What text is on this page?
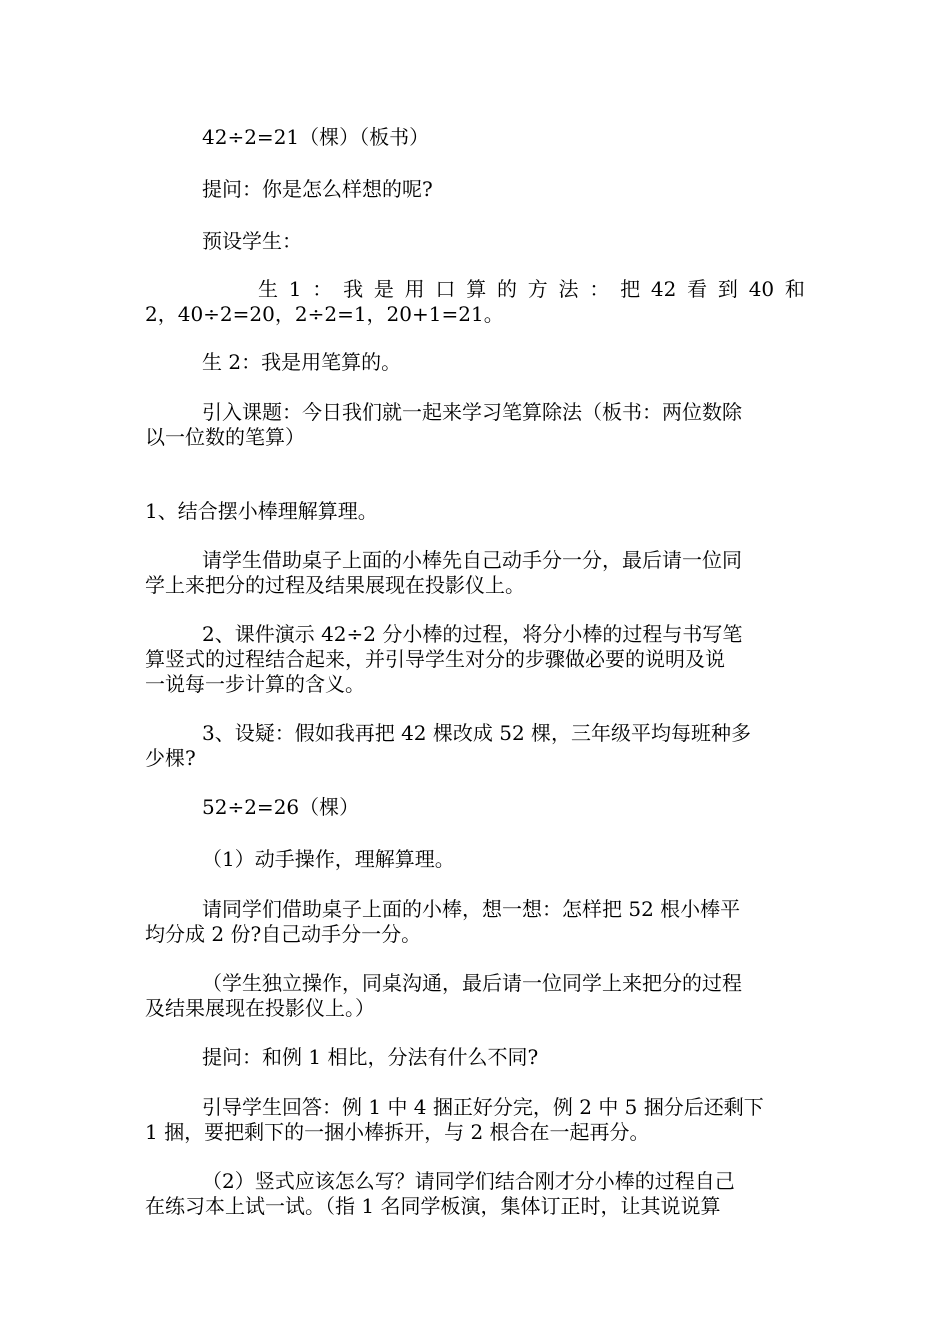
42÷2=21（棵）（板书）
提问：你是怎么样想的呢?
预设学生：
生 1 ： 我 是 用 口 算 的 方 法 ： 把 42 看 到 40 和
2，40÷2=20，2÷2=1，20+1=21。
生 2：我是用笔算的。
引入课题：今日我们就一起来学习笔算除法（板书：两位数除
以一位数的笔算）
1、结合摆小棒理解算理。
请学生借助桌子上面的小棒先自己动手分一分，最后请一位同
学上来把分的过程及结果展现在投影仪上。
2、课件演示 42÷2 分小棒的过程，将分小棒的过程与书写笔
算竖式的过程结合起来，并引导学生对分的步骤做必要的说明及说
一说每一步计算的含义。
3、设疑：假如我再把 42 棵改成 52 棵，三年级平均每班种多
少棵?
52÷2=26（棵）
（1）动手操作，理解算理。
请同学们借助桌子上面的小棒，想一想：怎样把 52 根小棒平
均分成 2 份?自己动手分一分。
（学生独立操作，同桌沟通，最后请一位同学上来把分的过程
及结果展现在投影仪上。）
提问：和例 1 相比，分法有什么不同?
引导学生回答：例 1 中 4 捆正好分完，例 2 中 5 捆分后还剩下
1 捆，要把剩下的一捆小棒拆开，与 2 根合在一起再分。
（2）竖式应该怎么写？请同学们结合刚才分小棒的过程自己
在练习本上试一试。（指 1 名同学板演，集体订正时，让其说说算
